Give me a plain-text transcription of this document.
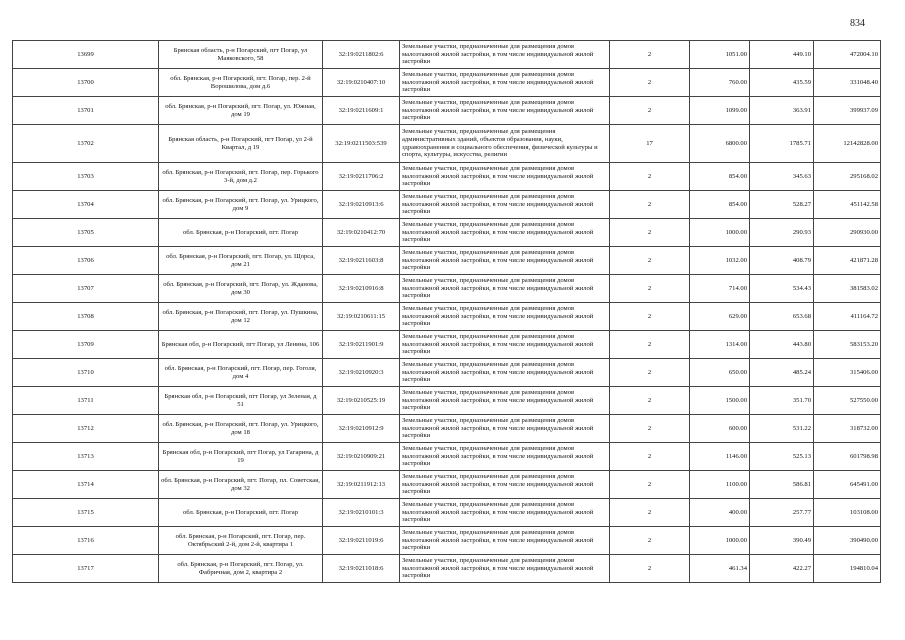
834
13699	Брянская область, р-н Погарский, пгт Погар, ул Маяковского, 58	32:19:0211802:6	Земельные участки, предназначенные для размещения домов малоэтажной жилой застройки, в том числе индивидуальной жилой застройки	2	1051.00	449.10	472004.10
13700	обл. Брянская, р-н Погарский, пгт. Погар, пер. 2-й Ворошилова, дом д.6	32:19:0210407:10	Земельные участки, предназначенные для размещения домов малоэтажной жилой застройки, в том числе индивидуальной жилой застройки	2	760.00	435.59	331048.40
13701	обл. Брянская, р-н Погарский, пгт. Погар, ул. Южная, дом 19	32:19:0211609:1	Земельные участки, предназначенные для размещения домов малоэтажной жилой застройки, в том числе индивидуальной жилой застройки	2	1099.00	363.91	399937.09
13702	Брянская область, р-н Погарский, пгт Погар, ул 2-й Квартал, д 19	32:19:0211503:539	Земельные участки, предназначенные для размещения административных зданий, объектов образования, науки, здравоохранения и социального обеспечения, физической культуры и спорта, культуры, искусства, религии	17	6800.00	1785.71	12142828.00
13703	обл. Брянская, р-н Погарский, пгт. Погар, пер. Горького 3-й, дом д.2	32:19:0211706:2	Земельные участки, предназначенные для размещения домов малоэтажной жилой застройки, в том числе индивидуальной жилой застройки	2	854.00	345.63	295168.02
13704	обл. Брянская, р-н Погарский, пгт. Погар, ул. Урицкого, дом 9	32:19:0210913:6	Земельные участки, предназначенные для размещения домов малоэтажной жилой застройки, в том числе индивидуальной жилой застройки	2	854.00	528.27	451142.58
13705	обл. Брянская, р-н Погарский, пгт. Погар	32:19:0210412:70	Земельные участки, предназначенные для размещения домов малоэтажной жилой застройки, в том числе индивидуальной жилой застройки	2	1000.00	290.93	290930.00
13706	обл. Брянская, р-н Погарский, пгт. Погар, ул. Щорса, дом 21	32:19:0211603:8	Земельные участки, предназначенные для размещения домов малоэтажной жилой застройки, в том числе индивидуальной жилой застройки	2	1032.00	408.79	421871.28
13707	обл. Брянская, р-н Погарский, пгт. Погар, ул. Жданова, дом 30	32:19:0210916:8	Земельные участки, предназначенные для размещения домов малоэтажной жилой застройки, в том числе индивидуальной жилой застройки	2	714.00	534.43	381583.02
13708	обл. Брянская, р-н Погарский, пгт. Погар, ул. Пушкина, дом 12	32:19:0210611:15	Земельные участки, предназначенные для размещения домов малоэтажной жилой застройки, в том числе индивидуальной жилой застройки	2	629.00	653.68	411164.72
13709	Брянская обл, р-н Погарский, пгт Погар, ул Ленина, 106	32:19:0211901:9	Земельные участки, предназначенные для размещения домов малоэтажной жилой застройки, в том числе индивидуальной жилой застройки	2	1314.00	443.80	583153.20
13710	обл. Брянская, р-н Погарский, пгт. Погар, пер. Гоголя, дом 4	32:19:0210920:3	Земельные участки, предназначенные для размещения домов малоэтажной жилой застройки, в том числе индивидуальной жилой застройки	2	650.00	485.24	315406.00
13711	Брянская обл, р-н Погарский, пгт Погар, ул Зеленая, д 51	32:19:0210525:19	Земельные участки, предназначенные для размещения домов малоэтажной жилой застройки, в том числе индивидуальной жилой застройки	2	1500.00	351.70	527550.00
13712	обл. Брянская, р-н Погарский, пгт. Погар, ул. Урицкого, дом 18	32:19:0210912:9	Земельные участки, предназначенные для размещения домов малоэтажной жилой застройки, в том числе индивидуальной жилой застройки	2	600.00	531.22	318732.00
13713	Брянская обл, р-н Погарский, пгт Погар, ул Гагарина, д 19	32:19:0210909:21	Земельные участки, предназначенные для размещения домов малоэтажной жилой застройки, в том числе индивидуальной жилой застройки	2	1146.00	525.13	601798.98
13714	обл. Брянская, р-н Погарский, пгт. Погар, пл. Советская, дом 32	32:19:0211912:13	Земельные участки, предназначенные для размещения домов малоэтажной жилой застройки, в том числе индивидуальной жилой застройки	2	1100.00	586.81	645491.00
13715	обл. Брянская, р-н Погарский, пгт. Погар	32:19:0210101:3	Земельные участки, предназначенные для размещения домов малоэтажной жилой застройки, в том числе индивидуальной жилой застройки	2	400.00	257.77	103108.00
13716	обл. Брянская, р-н Погарский, пгт. Погар, пер. Октябрьский 2-й, дом 2-й, квартира 1	32:19:0211019:6	Земельные участки, предназначенные для размещения домов малоэтажной жилой застройки, в том числе индивидуальной жилой застройки	2	1000.00	390.49	390490.00
13717	обл. Брянская, р-н Погарский, пгт. Погар, ул. Фабричная, дом 2, квартира 2	32:19:0211018:6	Земельные участки, предназначенные для размещения домов малоэтажной жилой застройки, в том числе индивидуальной жилой застройки	2	461.34	422.27	194810.04
